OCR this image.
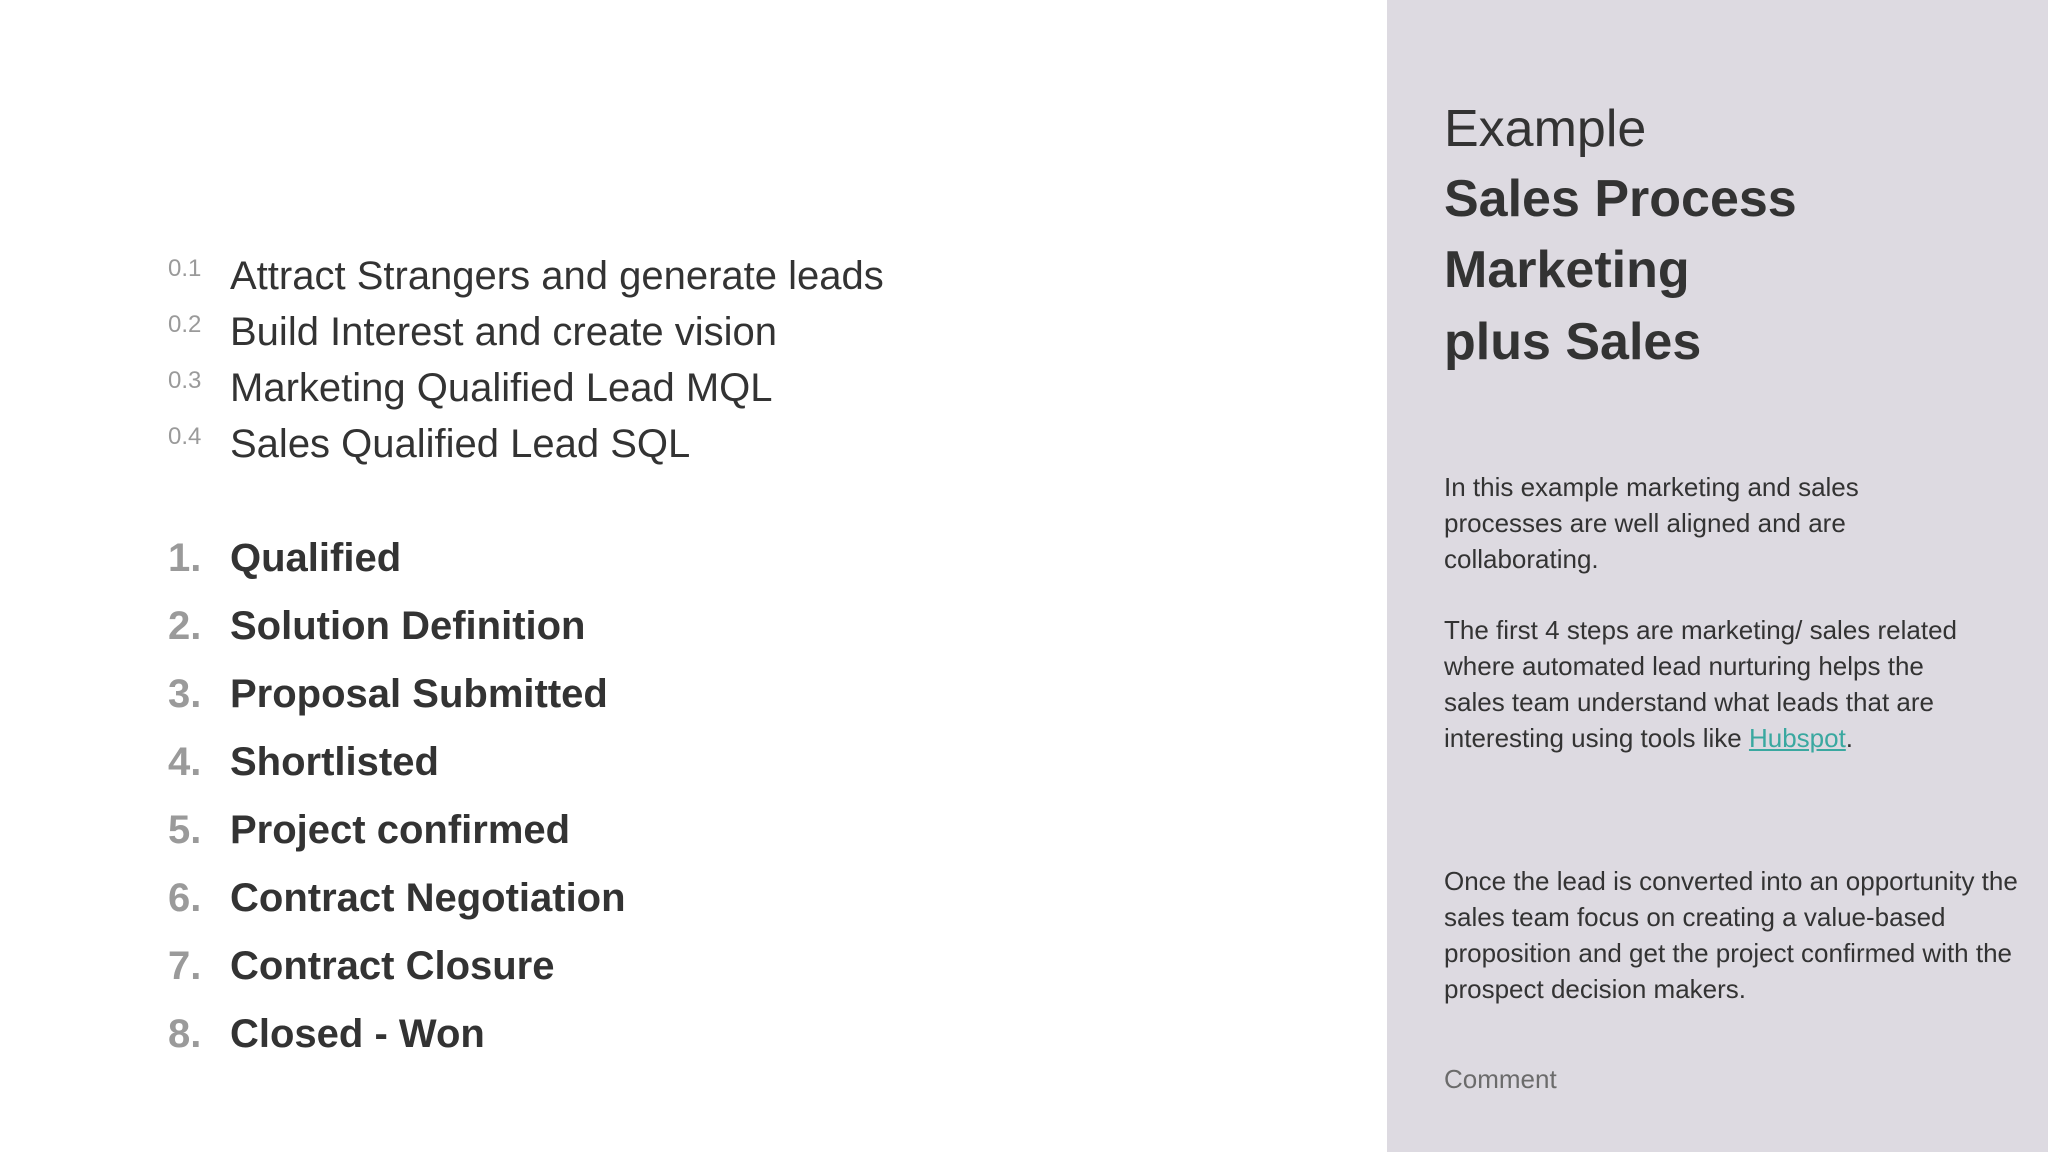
0.1 Attract Strangers and generate leads
0.2 Build Interest and create vision
0.3 Marketing Qualified Lead MQL
0.4 Sales Qualified Lead SQL
1. Qualified
2. Solution Definition
3. Proposal Submitted
4. Shortlisted
5. Project confirmed
6. Contract Negotiation
7. Contract Closure
8. Closed - Won
Example
Sales Process
Marketing
plus Sales
In this example marketing and sales processes are well aligned and are collaborating.
The first 4 steps are marketing/ sales related where automated lead nurturing helps the sales team understand what leads that are interesting using tools like Hubspot.
Once the lead is converted into an opportunity the sales team focus on creating a value-based proposition and get the project confirmed with the prospect decision makers.
Comment
